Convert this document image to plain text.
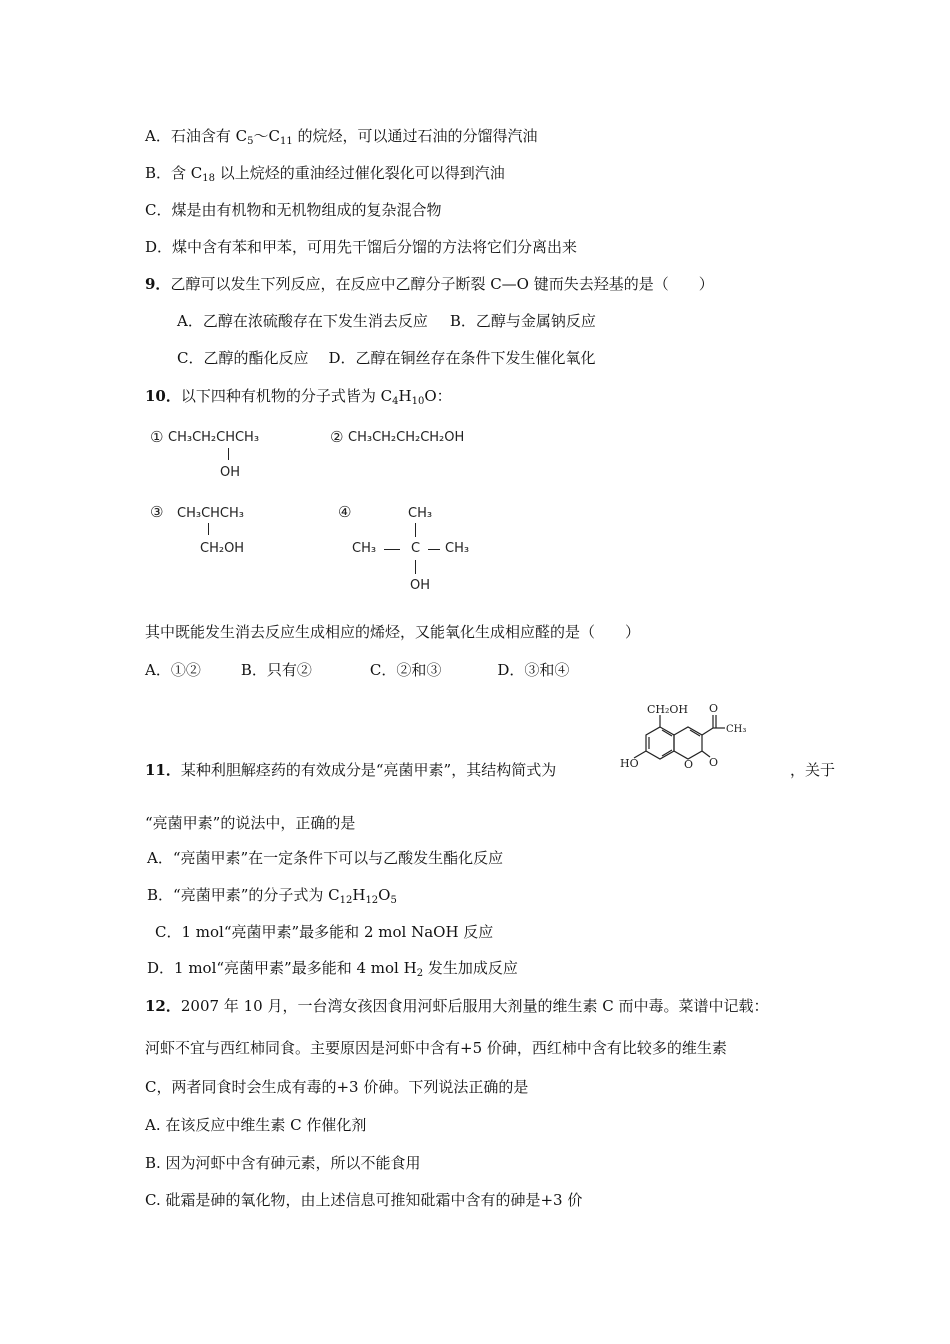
A．石油含有 $C_5\sim C_{11}$ 的烷烃，可以通过石油的分馏得汽油
B．含 $C_{18}$ 以上烷烃的重油经过催化裂化可以得到汽油
C．煤是由有机物和无机物组成的复杂混合物
D．煤中含有苯和甲苯，可用先干馏后分馏的方法将它们分离出来
9．乙醇可以发生下列反应，在反应中乙醇分子断裂 C—O 键而失去羟基的是（　　）
A．乙醇在浓硫酸存在下发生消去反应 B．乙醇与金属钠反应
C．乙醇的酯化反应 D．乙醇在铜丝存在条件下发生催化氧化
10．以下四种有机物的分子式皆为 $C_4H_{10}O$：
① CH₃CH₂CHCH₃
OH
② CH₃CH₂CH₂CH₂OH
③ CH₃CHCH₃
CH₂OH
④	CH₃
CH₃	C CH₃
OH
其中既能发生消去反应生成相应的烯烃，又能氧化生成相应醛的是（　　）
A．①②	B．只有②	C．②和③	D．③和④
11．某种利胆解痉药的有效成分是“亮菌甲素”，其结构简式为
CH₂OH
HO	O O
O
CH₃
，关于
“亮菌甲素”的说法中，正确的是
A．“亮菌甲素”在一定条件下可以与乙酸发生酯化反应
B．“亮菌甲素”的分子式为 $C_{12}H_{12}O_5$
C．1 mol“亮菌甲素”最多能和 2 mol NaOH 反应
D．1 mol“亮菌甲素”最多能和 4 mol $H_2$ 发生加成反应
12．2007 年 10 月，一台湾女孩因食用河虾后服用大剂量的维生素 C 而中毒。菜谱中记载：
河虾不宜与西红柿同食。主要原因是河虾中含有+5 价砷，西红柿中含有比较多的维生素
C，两者同食时会生成有毒的+3 价砷。下列说法正确的是
A. 在该反应中维生素 C 作催化剂
B. 因为河虾中含有砷元素，所以不能食用
C. 砒霜是砷的氧化物，由上述信息可推知砒霜中含有的砷是+3 价
